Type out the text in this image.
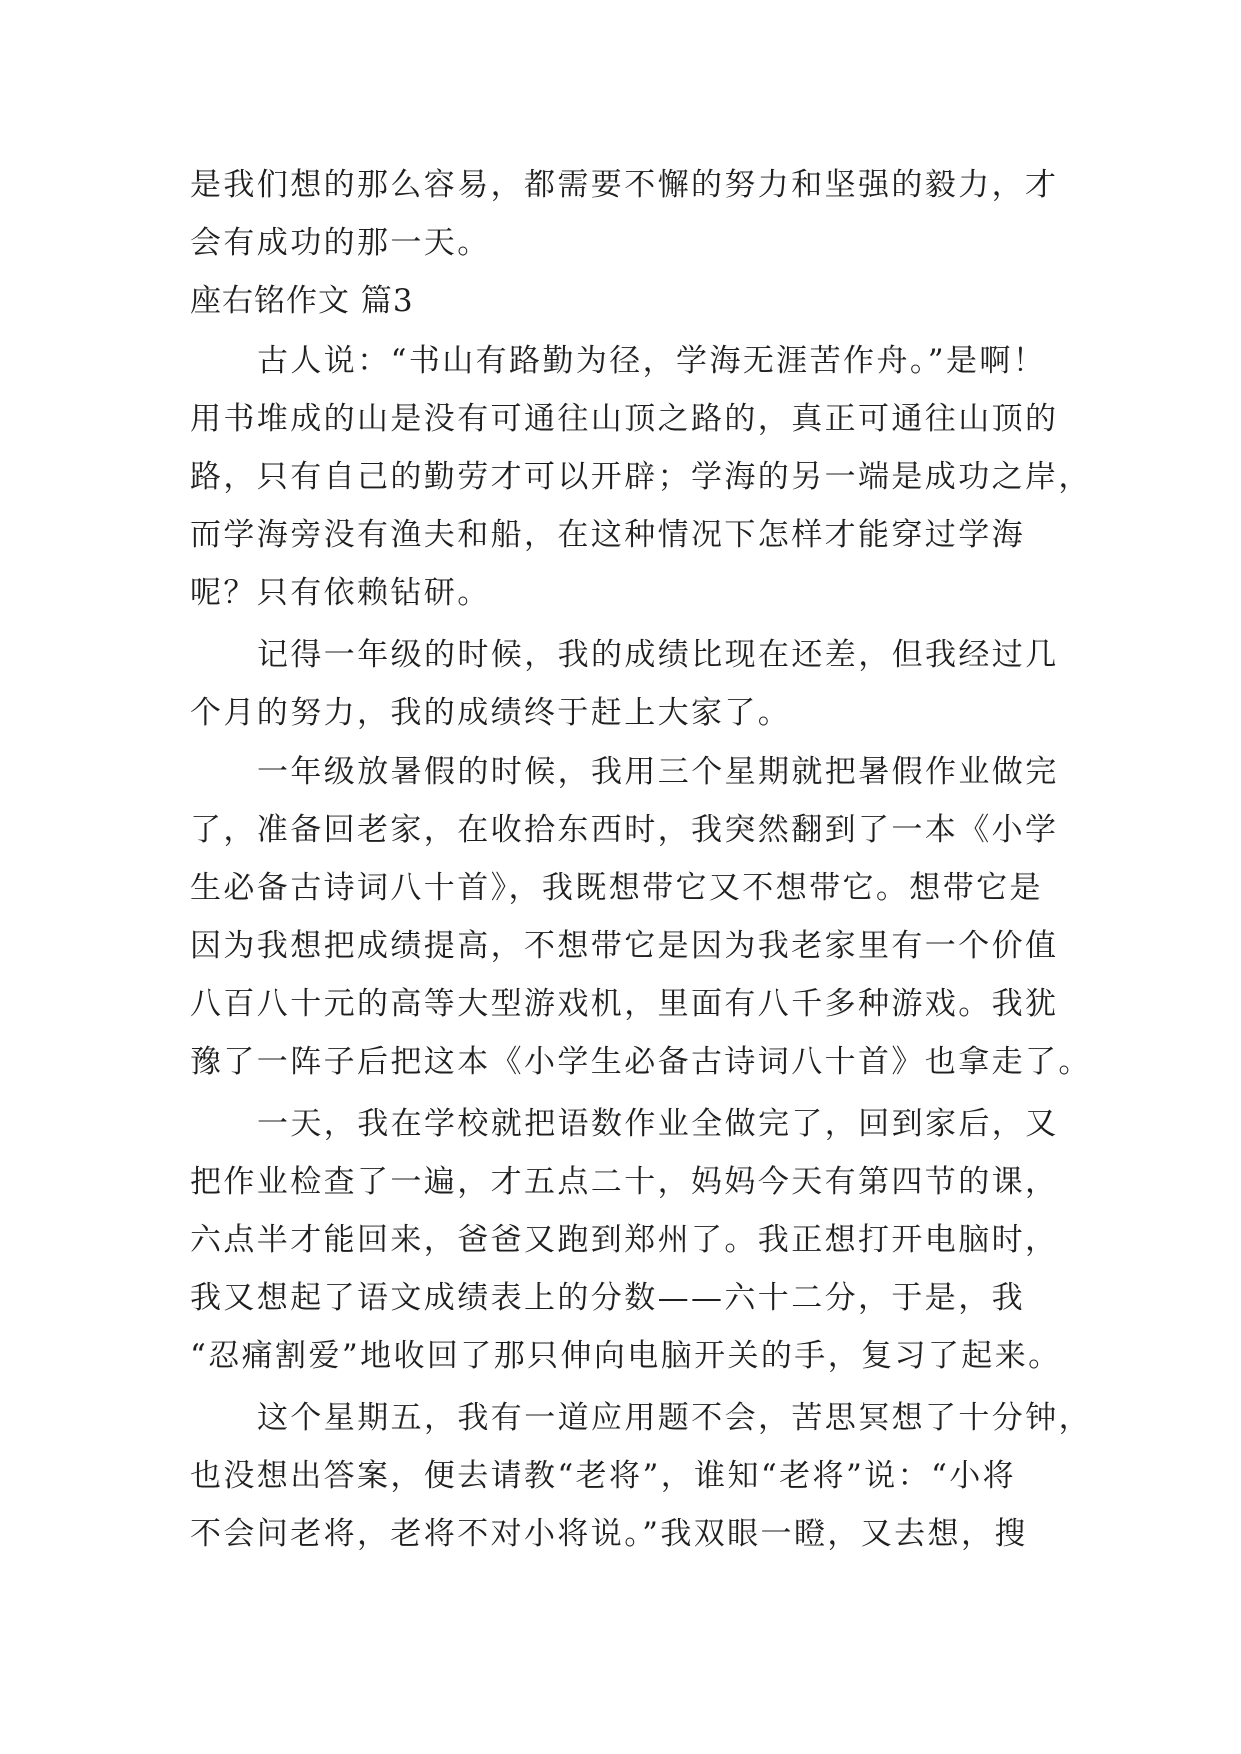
是我们想的那么容易，都需要不懈的努力和坚强的毅力，才
会有成功的那一天。
座右铭作文 篇3
古人说：“书山有路勤为径，学海无涯苦作舟。”是啊！
用书堆成的山是没有可通往山顶之路的，真正可通往山顶的
路，只有自己的勤劳才可以开辟；学海的另一端是成功之岸，
而学海旁没有渔夫和船，在这种情况下怎样才能穿过学海
呢？只有依赖钻研。
记得一年级的时候，我的成绩比现在还差，但我经过几
个月的努力，我的成绩终于赶上大家了。
一年级放暑假的时候，我用三个星期就把暑假作业做完
了，准备回老家，在收拾东西时，我突然翻到了一本《小学
生必备古诗词八十首》，我既想带它又不想带它。想带它是
因为我想把成绩提高，不想带它是因为我老家里有一个价值
八百八十元的高等大型游戏机，里面有八千多种游戏。我犹
豫了一阵子后把这本《小学生必备古诗词八十首》也拿走了。
一天，我在学校就把语数作业全做完了，回到家后，又
把作业检查了一遍，才五点二十，妈妈今天有第四节的课，
六点半才能回来，爸爸又跑到郑州了。我正想打开电脑时，
我又想起了语文成绩表上的分数——六十二分，于是，我
“忍痛割爱”地收回了那只伸向电脑开关的手，复习了起来。
这个星期五，我有一道应用题不会，苦思冥想了十分钟，
也没想出答案，便去请教“老将”，谁知“老将”说：“小将
不会问老将，老将不对小将说。”我双眼一瞪，又去想，搜
